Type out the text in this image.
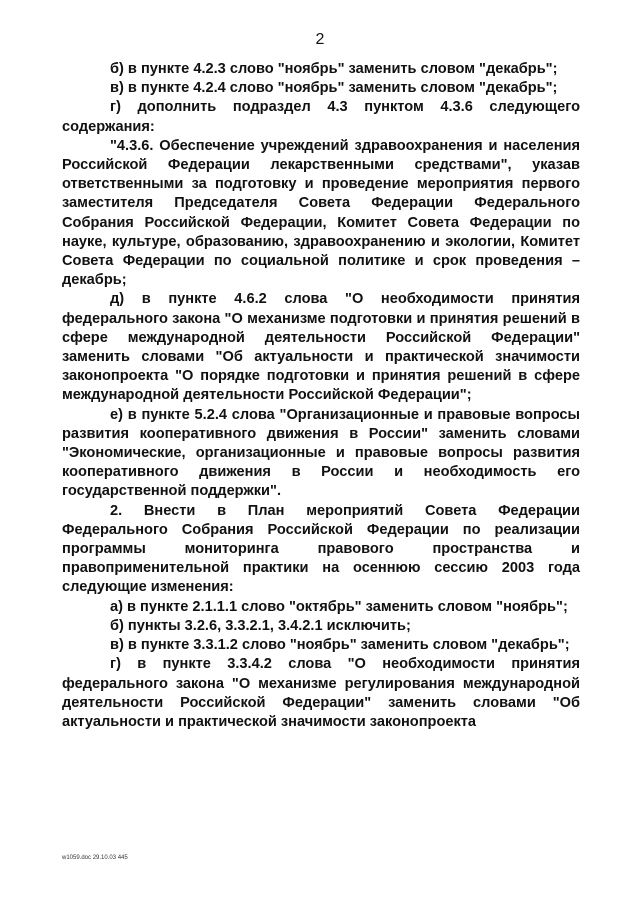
2

б) в пункте 4.2.3 слово "ноябрь" заменить словом "декабрь";

в) в пункте 4.2.4 слово "ноябрь" заменить словом "декабрь";

г) дополнить подраздел 4.3 пунктом 4.3.6 следующего содержания:

"4.3.6. Обеспечение учреждений здравоохранения и населения Российской Федерации лекарственными средствами", указав ответственными за подготовку и проведение мероприятия первого заместителя Председателя Совета Федерации Федерального Собрания Российской Федерации, Комитет Совета Федерации по науке, культуре, образованию, здравоохранению и экологии, Комитет Совета Федерации по социальной политике и срок проведения – декабрь;

д) в пункте 4.6.2 слова "О необходимости принятия федерального закона "О механизме подготовки и принятия решений в сфере международной деятельности Российской Федерации" заменить словами "Об актуальности и практической значимости законопроекта "О порядке подготовки и принятия решений в сфере международной деятельности Российской Федерации";

е) в пункте 5.2.4 слова "Организационные и правовые вопросы развития кооперативного движения в России" заменить словами "Экономические, организационные и правовые вопросы развития кооперативного движения в России и необходимость его государственной поддержки".

2. Внести в План мероприятий Совета Федерации Федерального Собрания Российской Федерации по реализации программы мониторинга правового пространства и правоприменительной практики на осеннюю сессию 2003 года следующие изменения:

а) в пункте 2.1.1.1 слово "октябрь" заменить словом "ноябрь";

б) пункты 3.2.6, 3.3.2.1, 3.4.2.1 исключить;

в) в пункте 3.3.1.2 слово "ноябрь" заменить словом "декабрь";

г) в пункте 3.3.4.2 слова "О необходимости принятия федерального закона "О механизме регулирования международной деятельности Российской Федерации" заменить словами "Об актуальности и практической значимости законопроекта

w1059.doc 29.10.03 445
